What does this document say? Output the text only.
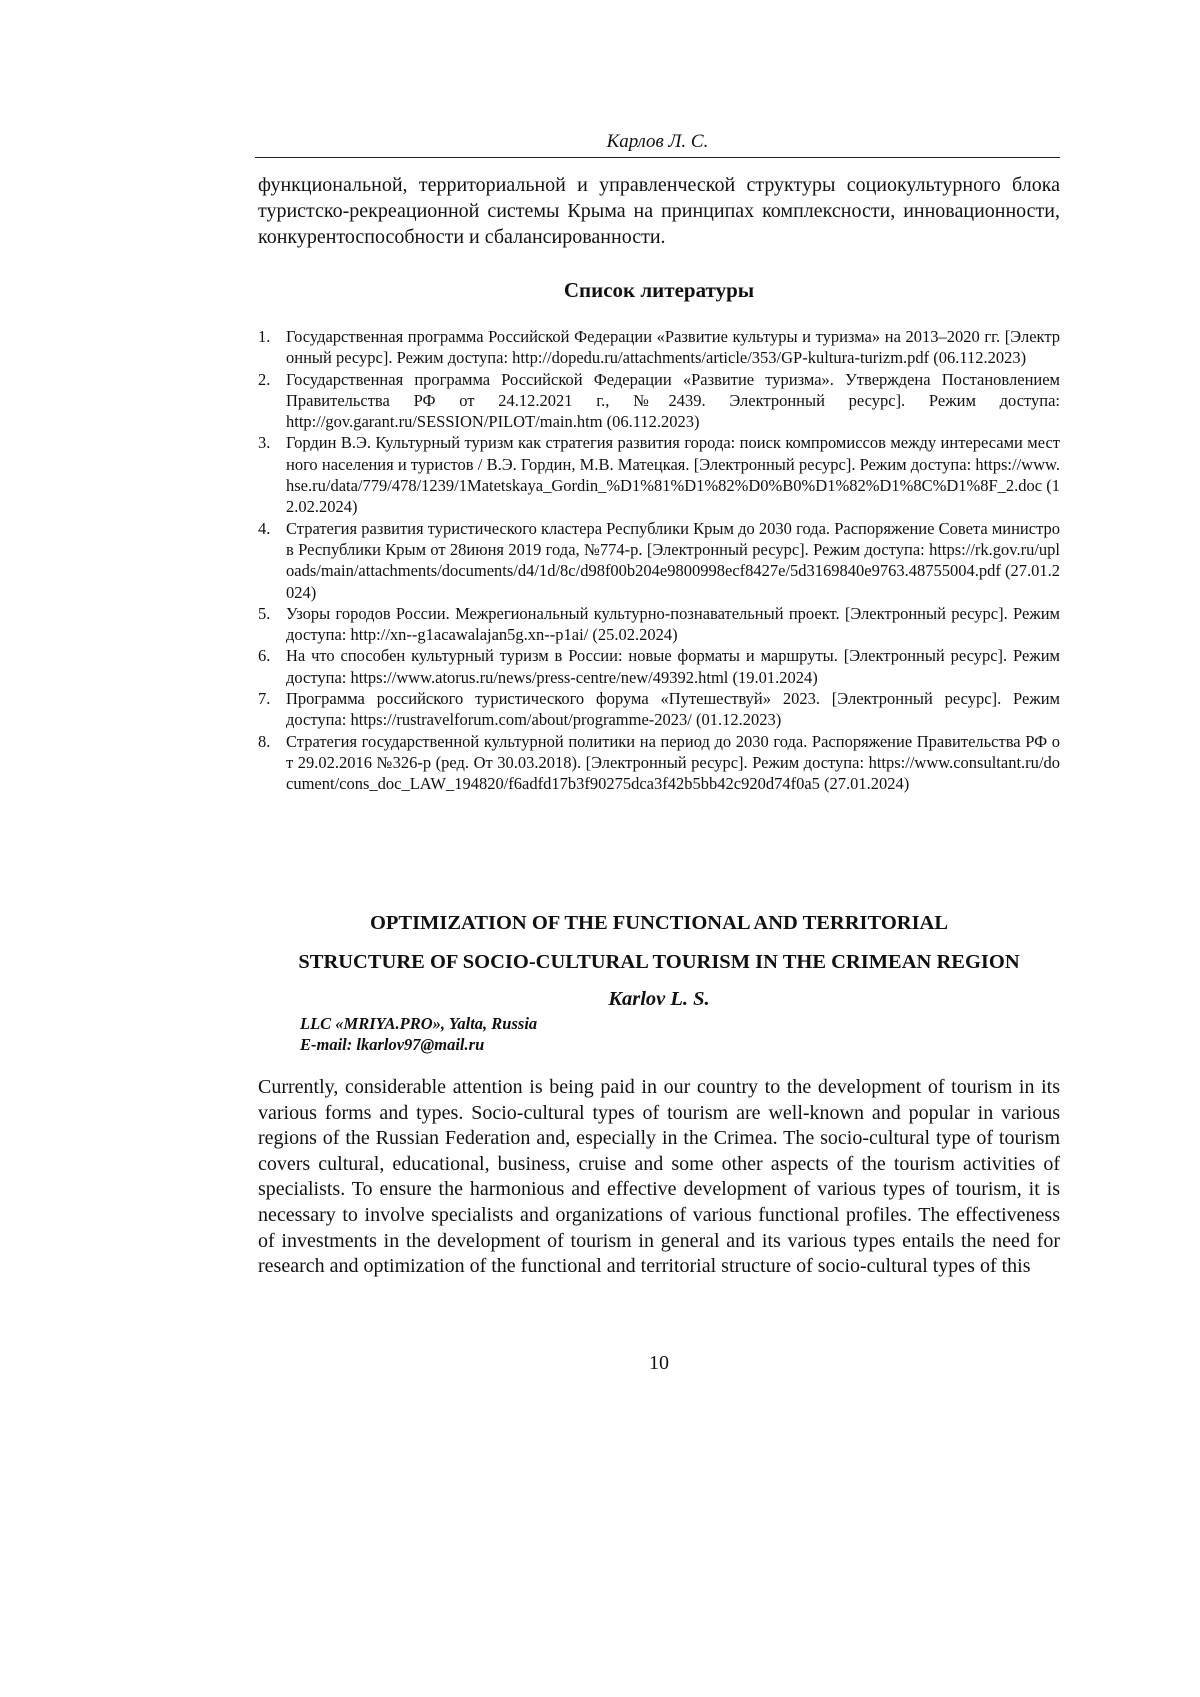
Карлов Л. С.

функциональной, территориальной и управленческой структуры социокультурного блока туристско-рекреационной системы Крыма на принципах комплексности, инновационности, конкурентоспособности и сбалансированности.

Список литературы
1. Государственная программа Российской Федерации «Развитие культуры и туризма» на 2013–2020 гг. [Электронный ресурс]. Режим доступа: http://dopedu.ru/attachments/article/353/GP-kultura-turizm.pdf (06.112.2023)
2. Государственная программа Российской Федерации «Развитие туризма». Утверждена Постановлением Правительства РФ от 24.12.2021 г., №2439. Электронный ресурс]. Режим доступа: http://gov.garant.ru/SESSION/PILOT/main.htm (06.112.2023)
3. Гордин В.Э. Культурный туризм как стратегия развития города: поиск компромиссов между интересами местного населения и туристов / В.Э. Гордин, М.В. Матецкая. [Электронный ресурс]. Режим доступа: https://www.hse.ru/data/779/478/1239/1Matetskaya_Gordin_%D1%81%D1%82%D0%B0%D1%82%D1%8C%D1%8F_2.doc (12.02.2024)
4. Стратегия развития туристического кластера Республики Крым до 2030 года. Распоряжение Совета министров Республики Крым от 28июня 2019 года, №774-р. [Электронный ресурс]. Режим доступа: https://rk.gov.ru/uploads/main/attachments/documents/d4/1d/8c/d98f00b204e9800998ecf8427e/5d3169840e9763.48755004.pdf (27.01.2024)
5. Узоры городов России. Межрегиональный культурно-познавательный проект. [Электронный ресурс]. Режим доступа: http://xn--g1acawalajan5g.xn--p1ai/ (25.02.2024)
6. На что способен культурный туризм в России: новые форматы и маршруты. [Электронный ресурс]. Режим доступа: https://www.atorus.ru/news/press-centre/new/49392.html (19.01.2024)
7. Программа российского туристического форума «Путешествуй» 2023. [Электронный ресурс]. Режим доступа: https://rustravelforum.com/about/programme-2023/ (01.12.2023)
8. Стратегия государственной культурной политики на период до 2030 года. Распоряжение Правительства РФ от 29.02.2016 №326-р (ред. От 30.03.2018). [Электронный ресурс]. Режим доступа: https://www.consultant.ru/document/cons_doc_LAW_194820/f6adfd17b3f90275dca3f42b5bb42c920d74f0a5 (27.01.2024)
OPTIMIZATION OF THE FUNCTIONAL AND TERRITORIAL
STRUCTURE OF SOCIO-CULTURAL TOURISM IN THE CRIMEAN REGION
Karlov L. S.
LLC «MRIYA.PRO», Yalta, Russia
E-mail: lkarlov97@mail.ru

Currently, considerable attention is being paid in our country to the development of tourism in its various forms and types. Socio-cultural types of tourism are well-known and popular in various regions of the Russian Federation and, especially in the Crimea. The socio-cultural type of tourism covers cultural, educational, business, cruise and some other aspects of the tourism activities of specialists. To ensure the harmonious and effective development of various types of tourism, it is necessary to involve specialists and organizations of various functional profiles. The effectiveness of investments in the development of tourism in general and its various types entails the need for research and optimization of the functional and territorial structure of socio-cultural types of this

10
